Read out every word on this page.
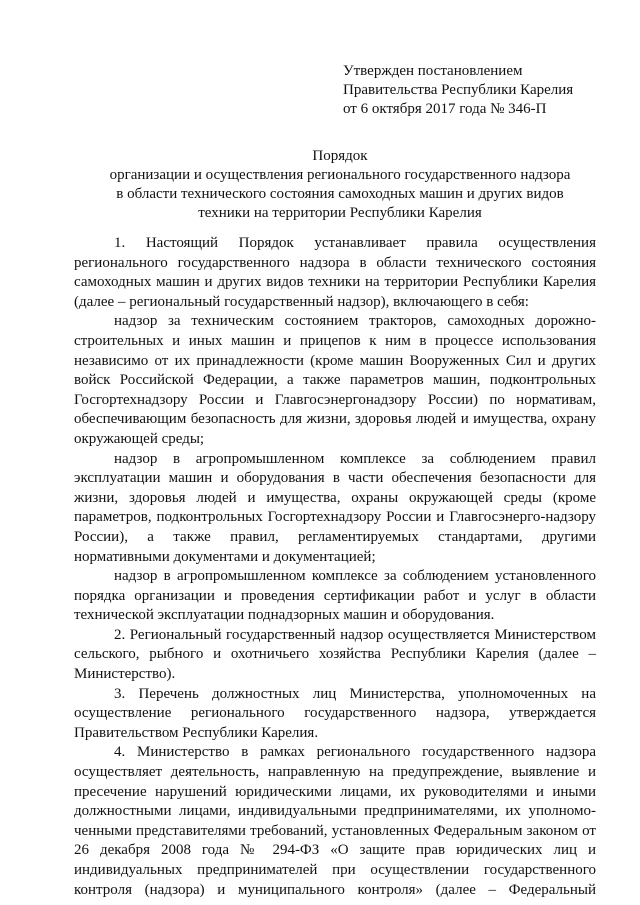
Утвержден постановлением
Правительства Республики Карелия
от 6 октября 2017 года № 346-П
Порядок
организации и осуществления регионального государственного надзора
в области технического состояния самоходных машин и других видов
техники на территории Республики Карелия

1. Настоящий Порядок устанавливает правила осуществления регионального государственного надзора в области технического состояния самоходных машин и других видов техники на территории Республики Карелия (далее – региональный государственный надзор), включающего в себя:

надзор за техническим состоянием тракторов, самоходных дорожно-строительных и иных машин и прицепов к ним в процессе использования независимо от их принадлежности (кроме машин Вооруженных Сил и других войск Российской Федерации, а также параметров машин, подконтрольных Госгортехнадзору России и Главгосэнергонадзору России) по нормативам, обеспечивающим безопасность для жизни, здоровья людей и имущества, охрану окружающей среды;

надзор в агропромышленном комплексе за соблюдением правил эксплуатации машин и оборудования в части обеспечения безопасности для жизни, здоровья людей и имущества, охраны окружающей среды (кроме параметров, подконтрольных Госгортехнадзору России и Главгосэнерго-надзору России), а также правил, регламентируемых стандартами, другими нормативными документами и документацией;

надзор в агропромышленном комплексе за соблюдением установленного порядка организации и проведения сертификации работ и услуг в области технической эксплуатации поднадзорных машин и оборудования.

2. Региональный государственный надзор осуществляется Министерством сельского, рыбного и охотничьего хозяйства Республики Карелия (далее – Министерство).

3. Перечень должностных лиц Министерства, уполномоченных на осуществление регионального государственного надзора, утверждается Правительством Республики Карелия.

4. Министерство в рамках регионального государственного надзора осуществляет деятельность, направленную на предупреждение, выявление и пресечение нарушений юридическими лицами, их руководителями и иными должностными лицами, индивидуальными предпринимателями, их уполномо-ченными представителями требований, установленных Федеральным законом от 26 декабря 2008 года № 294-ФЗ «О защите прав юридических лиц и индивидуальных предпринимателей при осуществлении государственного контроля (надзора) и муниципального контроля» (далее – Федеральный
